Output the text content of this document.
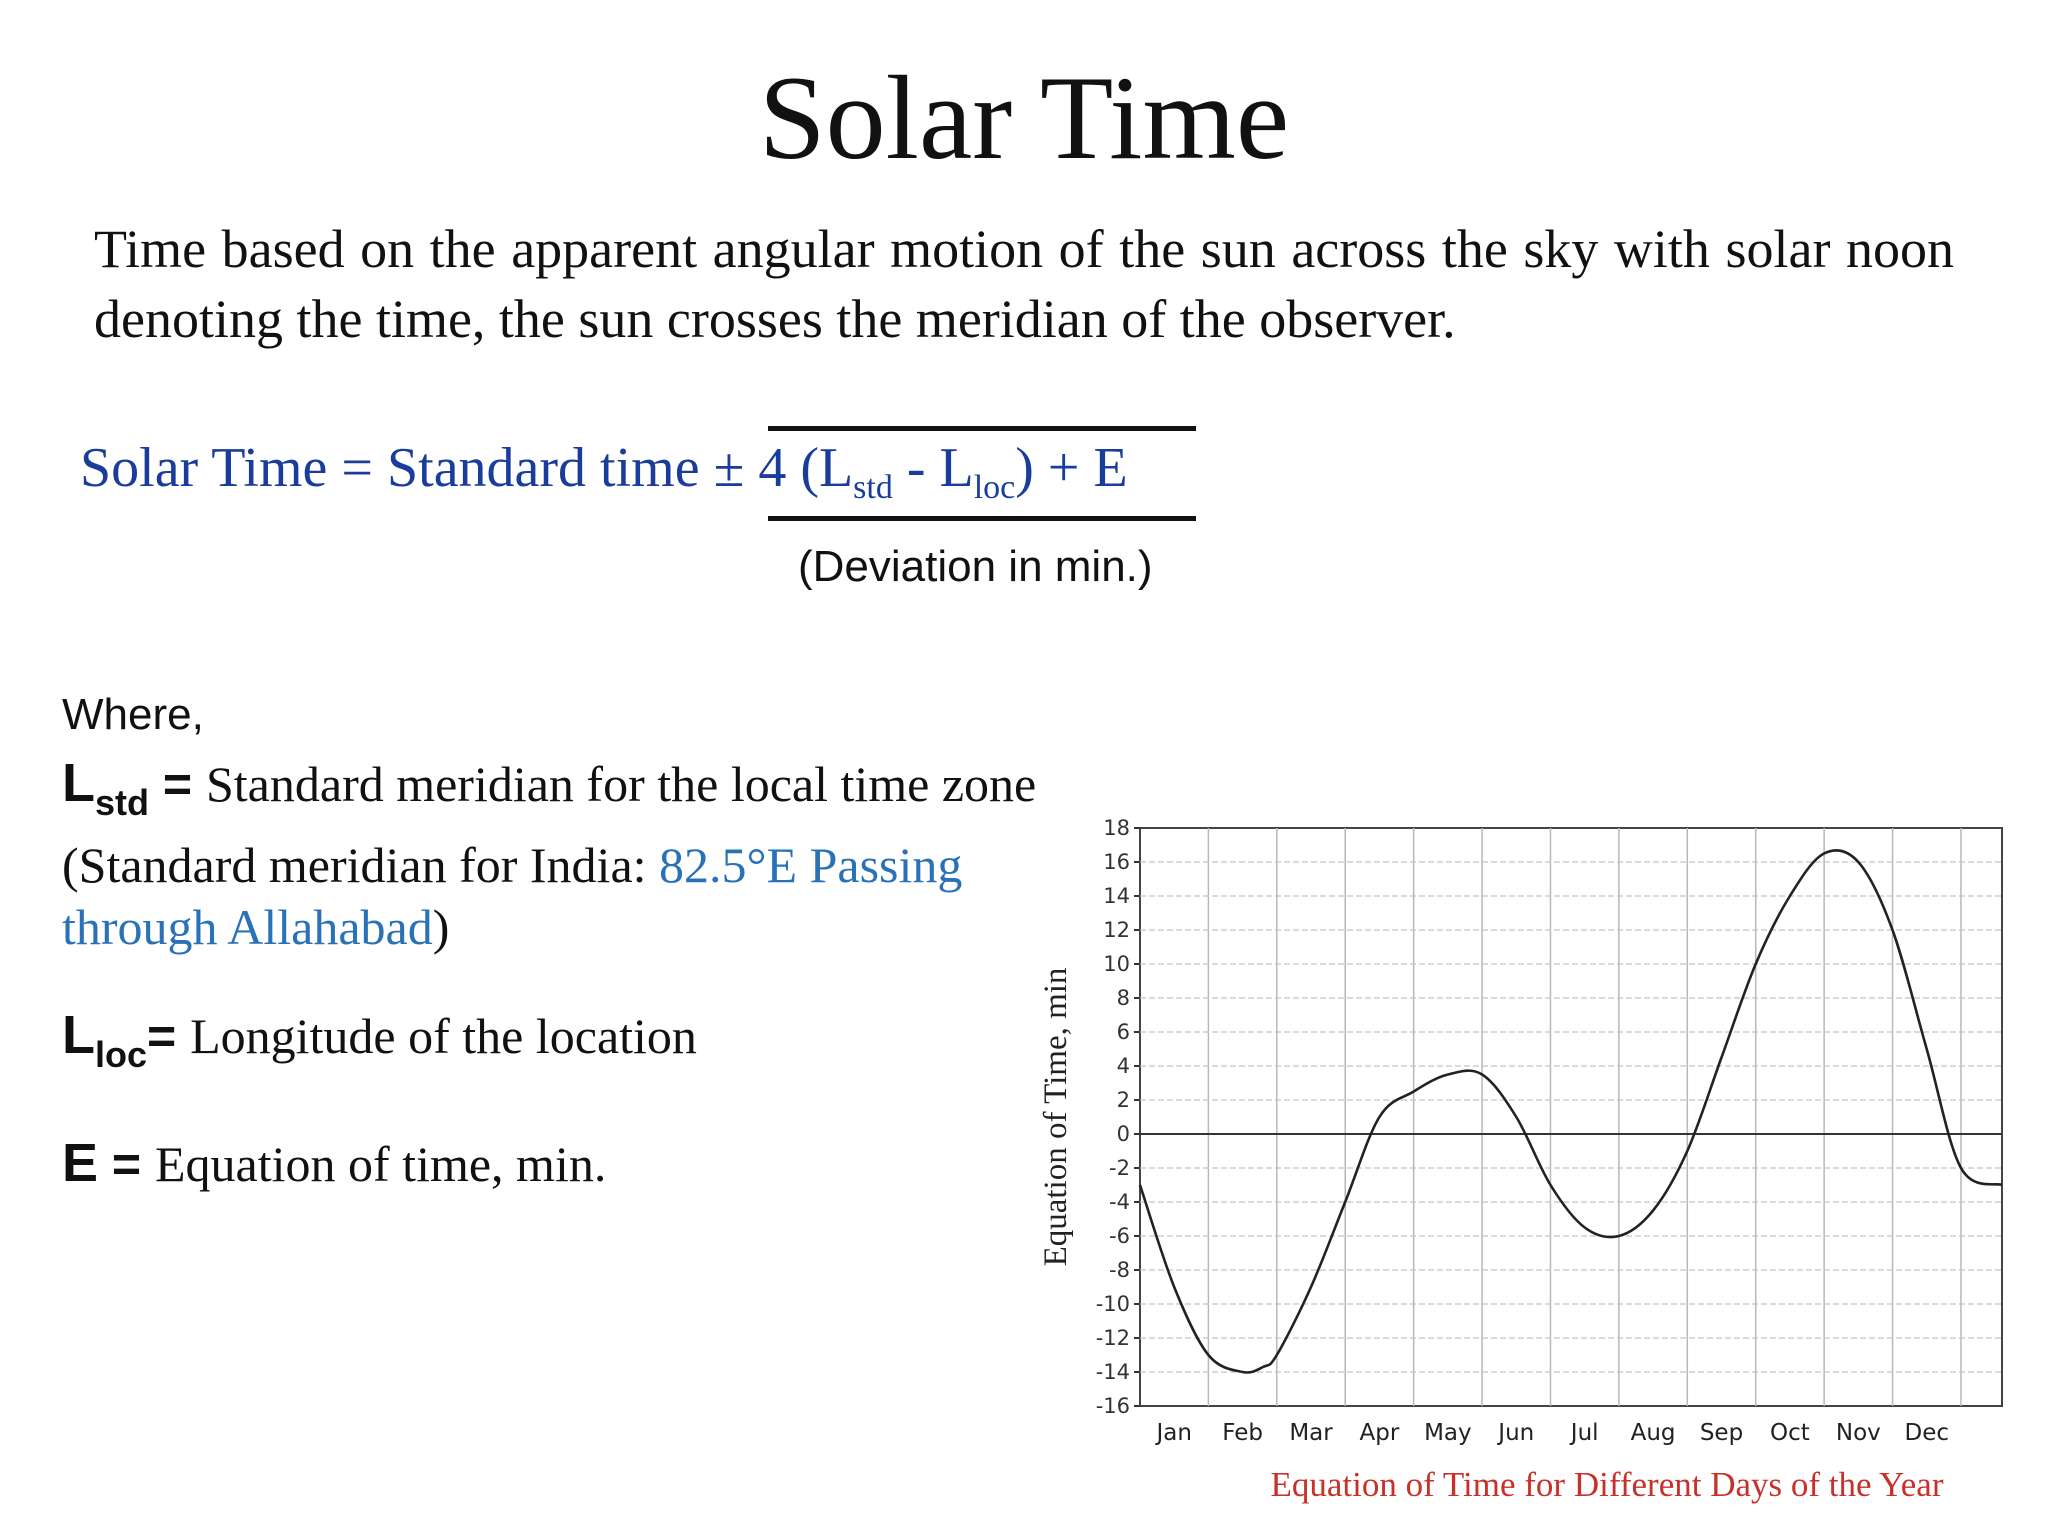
Solar Time
Time based on the apparent angular motion of the sun across the sky with solar noon denoting the time, the sun crosses the meridian of the observer.
Solar Time = Standard time ± 4 $(L_{std} - L_{loc}) + E$
(Deviation in min.)
Where,
$L_{std}$ = Standard meridian for the local time zone
(Standard meridian for India: 82.5°E Passing through Allahabad)
$L_{loc}=$ Longitude of the location
E = Equation of time, min.
18
16
14
12
10
8
6
4
2
0
-2
-4
-6
-8
-10
-12
-14
-16
Jan Feb Mar Apr May Jun Jul Aug Sep Oct Nov Dec
Equation of Time, min
Equation of Time for Different Days of the Year
